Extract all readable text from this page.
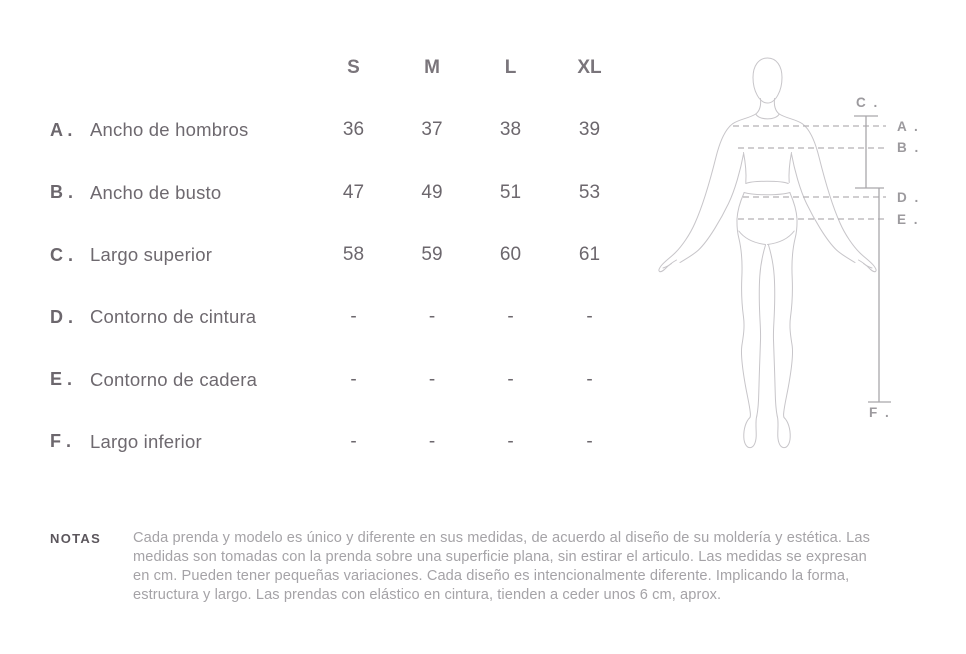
S	M	L	XL
A . Ancho de hombros	36	37	38	39
B . Ancho de busto	47	49	51	53
C . Largo superior	58	59	60	61
D . Contorno de cintura	-	-	-	-
E . Contorno de cadera	-	-	-	-
F .	Largo inferior	-	-	-	-
C .
A .
B .
D .
E .
F .
NOTAS Cada prenda y modelo es único y diferente en sus medidas, de acuerdo al diseño de su moldería y estética. Las
medidas son tomadas con la prenda sobre una superficie plana, sin estirar el articulo. Las medidas se expresan
en cm. Pueden tener pequeñas variaciones. Cada diseño es intencionalmente diferente. Implicando la forma,
estructura y largo. Las prendas con elástico en cintura, tienden a ceder unos 6 cm, aprox.
